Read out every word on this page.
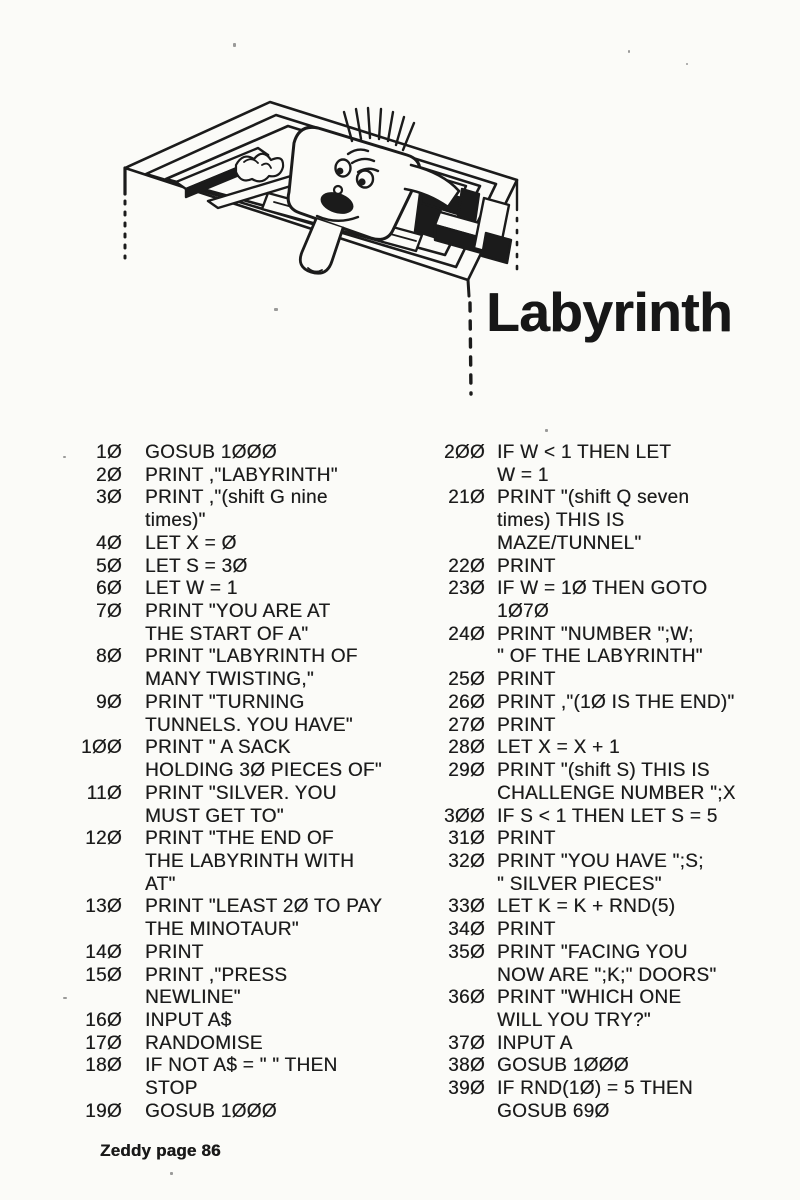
Labyrinth
1Ø GOSUB 1ØØØ
2Ø PRINT ,"LABYRINTH"
3Ø PRINT ,"(shift G nine
times)"
4Ø LET X = Ø
5Ø LET S = 3Ø
6Ø LET W = 1
7Ø PRINT "YOU ARE AT
THE START OF A"
8Ø PRINT "LABYRINTH OF
MANY TWISTING,"
9Ø PRINT "TURNING
TUNNELS. YOU HAVE"
1ØØ PRINT " A SACK
HOLDING 3Ø PIECES OF"
11Ø PRINT "SILVER. YOU
MUST GET TO"
12Ø PRINT "THE END OF
THE LABYRINTH WITH
AT"
13Ø PRINT "LEAST 2Ø TO PAY
THE MINOTAUR"
14Ø PRINT
15Ø PRINT ,"PRESS
NEWLINE"
16Ø INPUT A$
17Ø RANDOMISE
18Ø IF NOT A$ = " " THEN
STOP
19Ø GOSUB 1ØØØ
2ØØ IF W < 1 THEN LET
W = 1
21Ø PRINT "(shift Q seven
times) THIS IS
MAZE/TUNNEL"
22Ø PRINT
23Ø IF W = 1Ø THEN GOTO
1Ø7Ø
24Ø PRINT "NUMBER ";W;
" OF THE LABYRINTH"
25Ø PRINT
26Ø PRINT ,"(1Ø IS THE END)"
27Ø PRINT
28Ø LET X = X + 1
29Ø PRINT "(shift S) THIS IS
CHALLENGE NUMBER ";X
3ØØ IF S < 1 THEN LET S = 5
31Ø PRINT
32Ø PRINT "YOU HAVE ";S;
" SILVER PIECES"
33Ø LET K = K + RND(5)
34Ø PRINT
35Ø PRINT "FACING YOU
NOW ARE ";K;" DOORS"
36Ø PRINT "WHICH ONE
WILL YOU TRY?"
37Ø INPUT A
38Ø GOSUB 1ØØØ
39Ø IF RND(1Ø) = 5 THEN
GOSUB 69Ø
Zeddy page 86
